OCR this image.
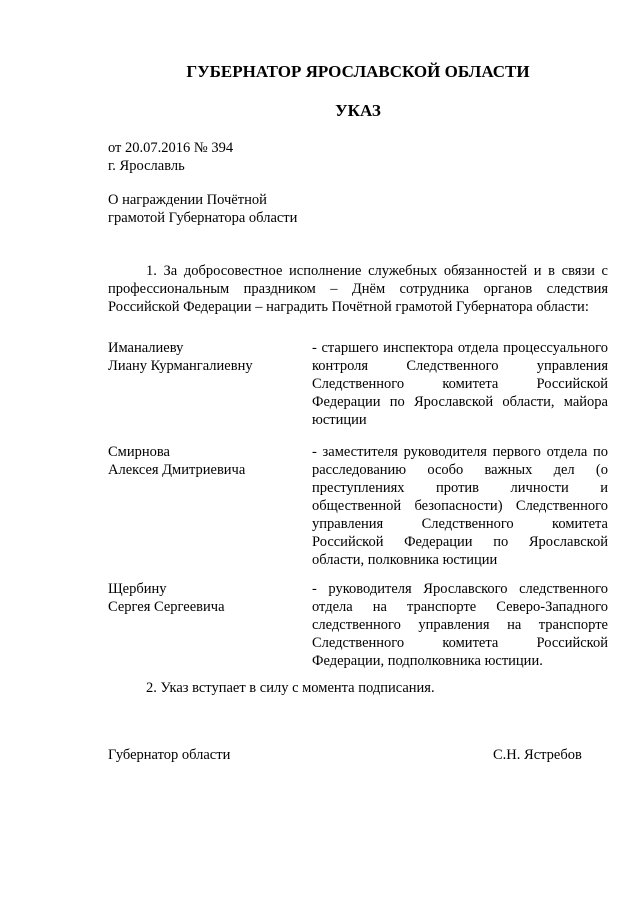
ГУБЕРНАТОР ЯРОСЛАВСКОЙ ОБЛАСТИ
УКАЗ

от 20.07.2016 № 394

г. Ярославль

О награждении Почётной

грамотой Губернатора области

1. За добросовестное исполнение служебных обязанностей и в связи с профессиональным праздником – Днём сотрудника органов следствия Российской Федерации – наградить Почётной грамотой Губернатора области:

Иманалиеву
Лиану Курмангалиевну

- старшего инспектора отдела процессуального контроля Следственного управления Следственного комитета Российской Федерации по Ярославской области, майора юстиции

Смирнова
Алексея Дмитриевича

- заместителя руководителя первого отдела по расследованию особо важных дел (о преступлениях против личности и общественной безопасности) Следственного управления Следственного комитета Российской Федерации по Ярославской области, полковника юстиции

Щербину
Сергея Сергеевича

- руководителя Ярославского следственного отдела на транспорте Северо-Западного следственного управления на транспорте Следственного комитета Российской Федерации, подполковника юстиции.

2. Указ вступает в силу с момента подписания.

Губернатор области	С.Н. Ястребов
